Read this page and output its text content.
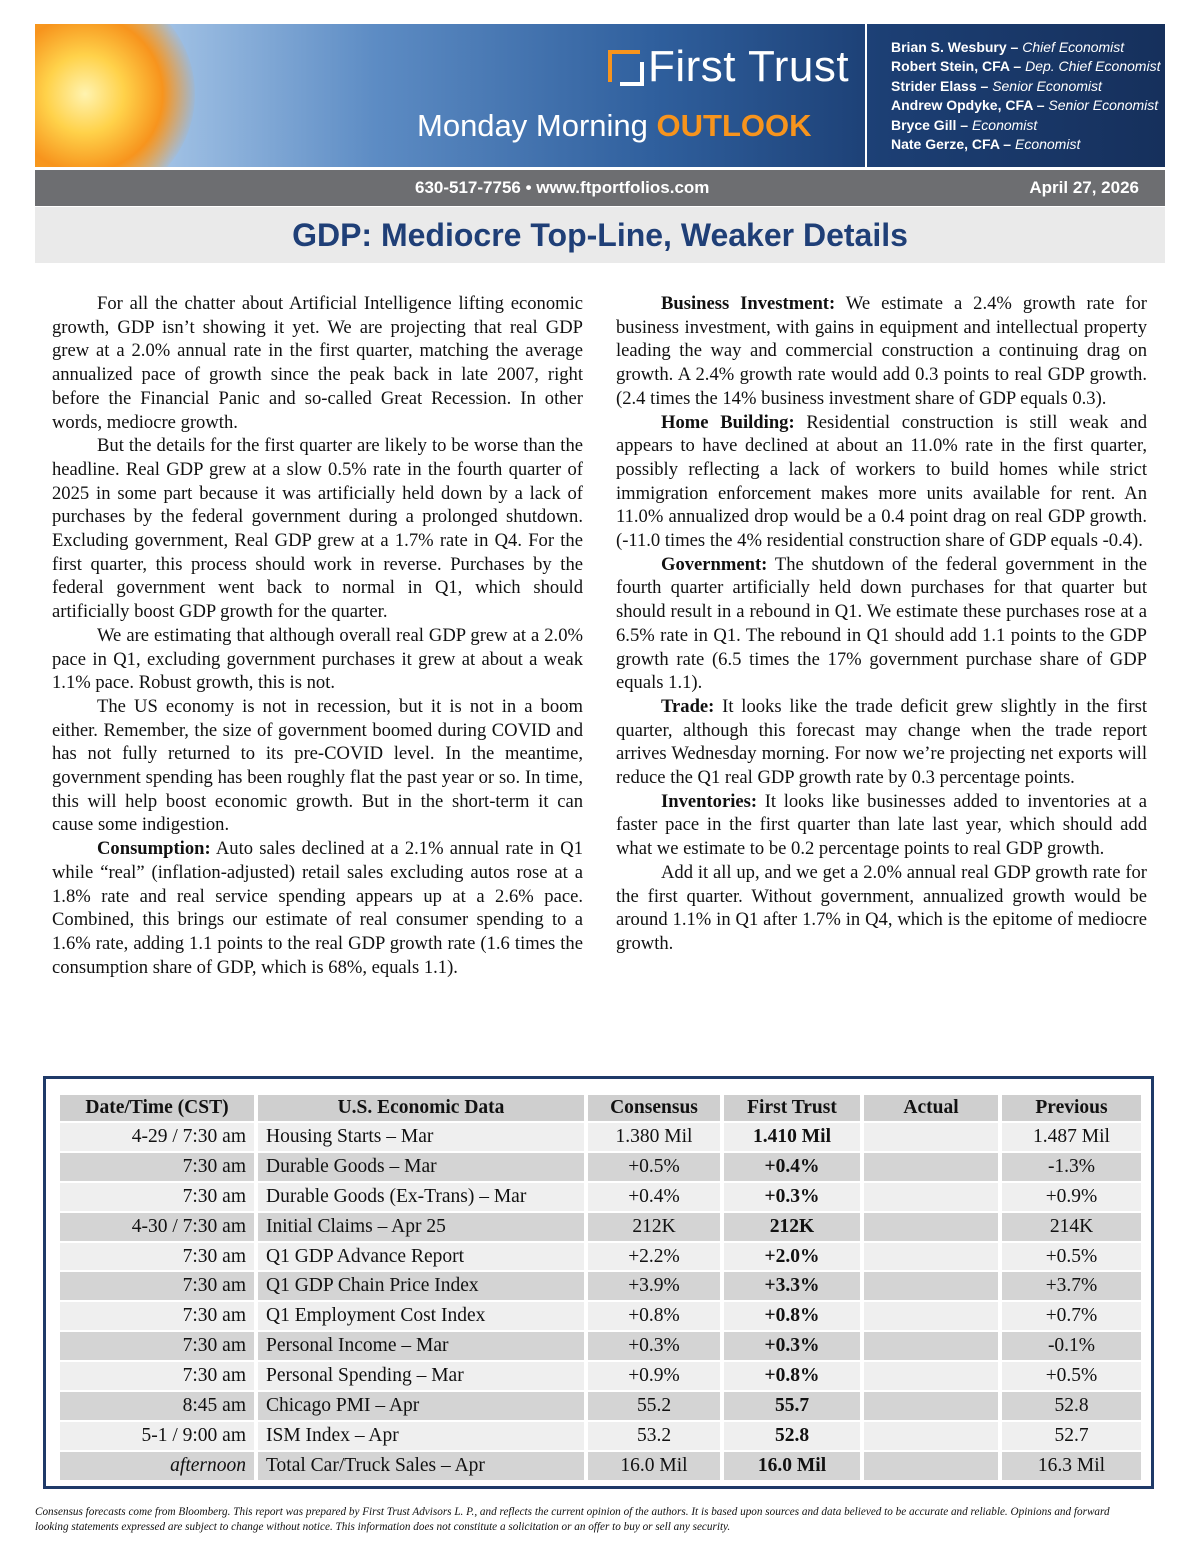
First Trust
Monday Morning OUTLOOK
Brian S. Wesbury – Chief Economist
Robert Stein, CFA – Dep. Chief Economist
Strider Elass – Senior Economist
Andrew Opdyke, CFA – Senior Economist
Bryce Gill – Economist
Nate Gerze, CFA – Economist
630-517-7756 • www.ftportfolios.com	April 27, 2026
GDP: Mediocre Top-Line, Weaker Details

For all the chatter about Artificial Intelligence lifting economic growth, GDP isn’t showing it yet. We are projecting that real GDP grew at a 2.0% annual rate in the first quarter, matching the average annualized pace of growth since the peak back in late 2007, right before the Financial Panic and so-called Great Recession. In other words, mediocre growth.

But the details for the first quarter are likely to be worse than the headline. Real GDP grew at a slow 0.5% rate in the fourth quarter of 2025 in some part because it was artificially held down by a lack of purchases by the federal government during a prolonged shutdown. Excluding government, Real GDP grew at a 1.7% rate in Q4. For the first quarter, this process should work in reverse. Purchases by the federal government went back to normal in Q1, which should artificially boost GDP growth for the quarter.

We are estimating that although overall real GDP grew at a 2.0% pace in Q1, excluding government purchases it grew at about a weak 1.1% pace. Robust growth, this is not.

The US economy is not in recession, but it is not in a boom either. Remember, the size of government boomed during COVID and has not fully returned to its pre-COVID level. In the meantime, government spending has been roughly flat the past year or so. In time, this will help boost economic growth. But in the short-term it can cause some indigestion.

Consumption: Auto sales declined at a 2.1% annual rate in Q1 while “real” (inflation-adjusted) retail sales excluding autos rose at a 1.8% rate and real service spending appears up at a 2.6% pace. Combined, this brings our estimate of real consumer spending to a 1.6% rate, adding 1.1 points to the real GDP growth rate (1.6 times the consumption share of GDP, which is 68%, equals 1.1).

Business Investment: We estimate a 2.4% growth rate for business investment, with gains in equipment and intellectual property leading the way and commercial construction a continuing drag on growth. A 2.4% growth rate would add 0.3 points to real GDP growth. (2.4 times the 14% business investment share of GDP equals 0.3).

Home Building: Residential construction is still weak and appears to have declined at about an 11.0% rate in the first quarter, possibly reflecting a lack of workers to build homes while strict immigration enforcement makes more units available for rent. An 11.0% annualized drop would be a 0.4 point drag on real GDP growth. (-11.0 times the 4% residential construction share of GDP equals -0.4).

Government: The shutdown of the federal government in the fourth quarter artificially held down purchases for that quarter but should result in a rebound in Q1. We estimate these purchases rose at a 6.5% rate in Q1. The rebound in Q1 should add 1.1 points to the GDP growth rate (6.5 times the 17% government purchase share of GDP equals 1.1).

Trade: It looks like the trade deficit grew slightly in the first quarter, although this forecast may change when the trade report arrives Wednesday morning. For now we’re projecting net exports will reduce the Q1 real GDP growth rate by 0.3 percentage points.

Inventories: It looks like businesses added to inventories at a faster pace in the first quarter than late last year, which should add what we estimate to be 0.2 percentage points to real GDP growth.

Add it all up, and we get a 2.0% annual real GDP growth rate for the first quarter. Without government, annualized growth would be around 1.1% in Q1 after 1.7% in Q4, which is the epitome of mediocre growth.

Date/Time (CST)	U.S. Economic Data	Consensus	First Trust	Actual	Previous
4-29 / 7:30 am	Housing Starts – Mar	1.380 Mil	1.410 Mil		1.487 Mil
7:30 am	Durable Goods – Mar	+0.5%	+0.4%		-1.3%
7:30 am	Durable Goods (Ex-Trans) – Mar	+0.4%	+0.3%		+0.9%
4-30 / 7:30 am	Initial Claims – Apr 25	212K	212K		214K
7:30 am	Q1 GDP Advance Report	+2.2%	+2.0%		+0.5%
7:30 am	Q1 GDP Chain Price Index	+3.9%	+3.3%		+3.7%
7:30 am	Q1 Employment Cost Index	+0.8%	+0.8%		+0.7%
7:30 am	Personal Income – Mar	+0.3%	+0.3%		-0.1%
7:30 am	Personal Spending – Mar	+0.9%	+0.8%		+0.5%
8:45 am	Chicago PMI – Apr	55.2	55.7		52.8
5-1 / 9:00 am	ISM Index – Apr	53.2	52.8		52.7
afternoon	Total Car/Truck Sales – Apr	16.0 Mil	16.0 Mil		16.3 Mil

Consensus forecasts come from Bloomberg. This report was prepared by First Trust Advisors L. P., and reflects the current opinion of the authors. It is based upon sources and data believed to be accurate and reliable. Opinions and forward looking statements expressed are subject to change without notice. This information does not constitute a solicitation or an offer to buy or sell any security.
